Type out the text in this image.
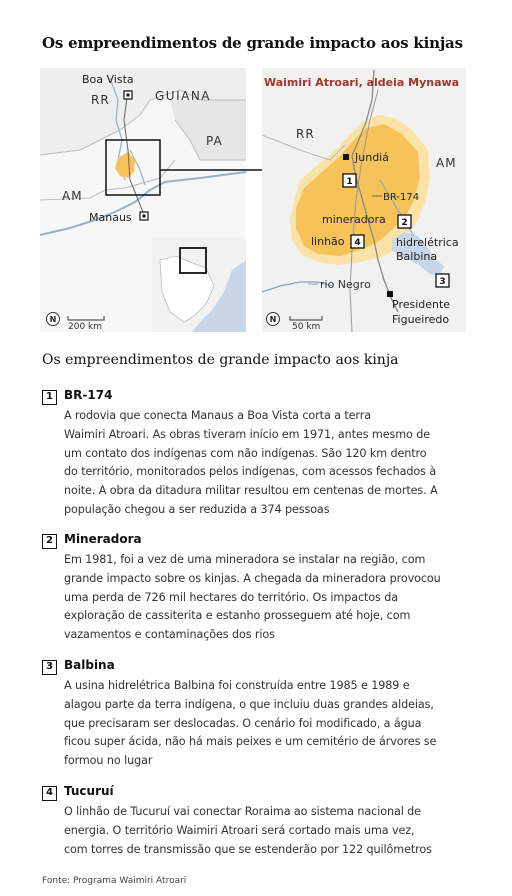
Os empreendimentos de grande impacto aos kinjas
Boa Vista
RR	GUIANA
PA
AM
Manaus
N
200 km
Waimiri Atroari, aldeia Mynawa
RR
AM
Jundiá
BR-174
mineradora
linhão	hidrelétrica
Balbina
rio Negro
Presidente
Figueiredo
1
2
3
4
N
50 km
Os empreendimentos de grande impacto aos kinja
1 BR-174
A rodovia que conecta Manaus a Boa Vista corta a terra
Waimiri Atroari. As obras tiveram início em 1971, antes mesmo de
um contato dos indígenas com não indígenas. São 120 km dentro
do território, monitorados pelos indígenas, com acessos fechados à
noite. A obra da ditadura militar resultou em centenas de mortes. A
população chegou a ser reduzida a 374 pessoas
2 Mineradora
Em 1981, foi a vez de uma mineradora se instalar na região, com
grande impacto sobre os kinjas. A chegada da mineradora provocou
uma perda de 726 mil hectares do território. Os impactos da
exploração de cassiterita e estanho prosseguem até hoje, com
vazamentos e contaminações dos rios
3 Balbina
A usina hidrelétrica Balbina foi construída entre 1985 e 1989 e
alagou parte da terra indígena, o que incluiu duas grandes aldeias,
que precisaram ser deslocadas. O cenário foi modificado, a água
ficou super ácida, não há mais peixes e um cemitério de árvores se
formou no lugar
4 Tucuruí
O linhão de Tucuruí vai conectar Roraima ao sistema nacional de
energia. O território Waimiri Atroari será cortado mais uma vez,
com torres de transmissão que se estenderão por 122 quilômetros
Fonte: Programa Waimiri Atroari
